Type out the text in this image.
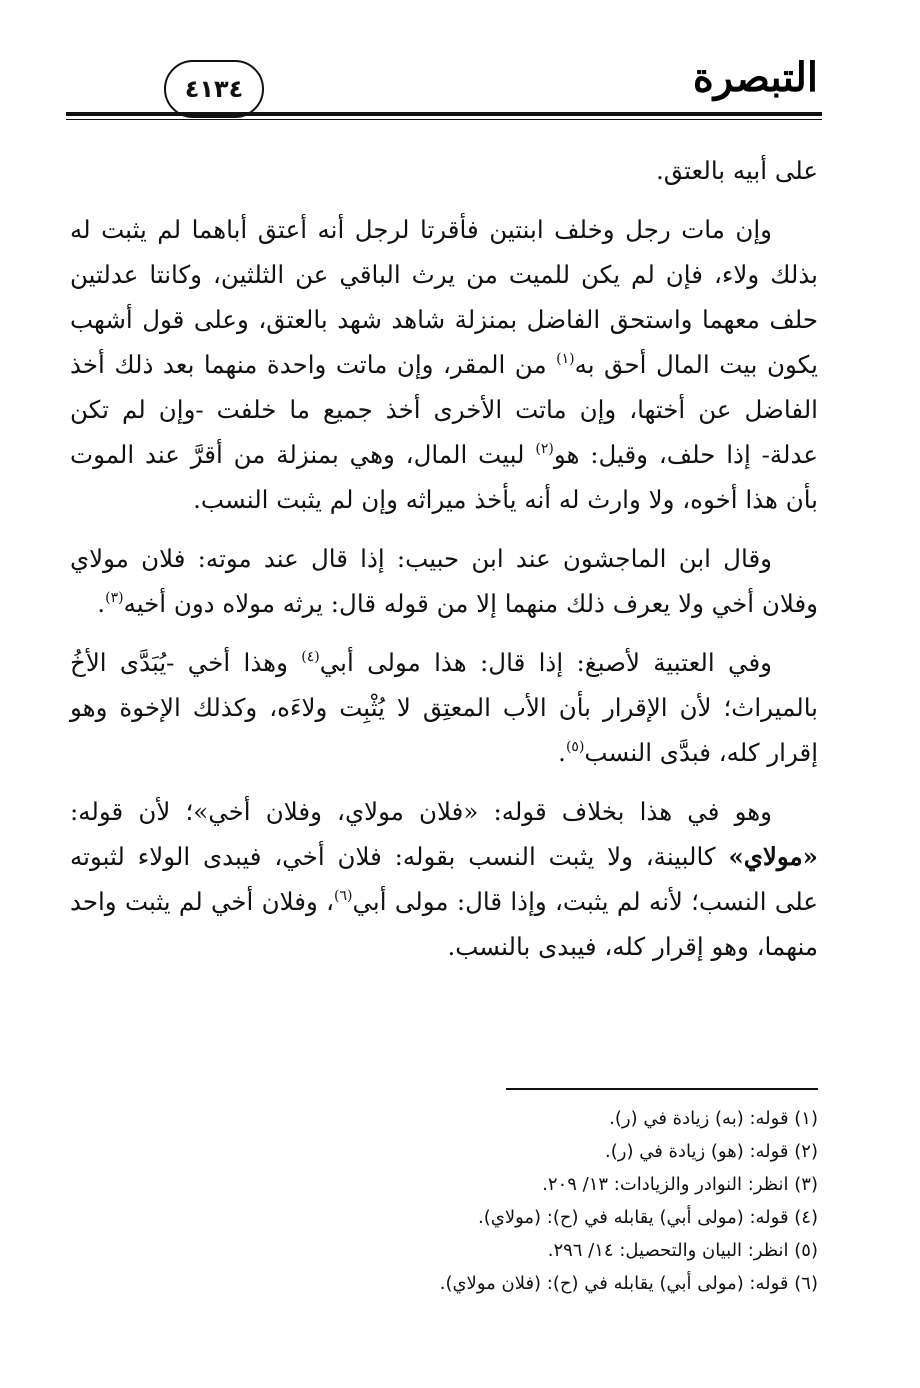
التبصرة
٤١٣٤

على أبيه بالعتق.

وإن مات رجل وخلف ابنتين فأقرتا لرجل أنه أعتق أباهما لم يثبت له بذلك ولاء، فإن لم يكن للميت من يرث الباقي عن الثلثين، وكانتا عدلتين حلف معهما واستحق الفاضل بمنزلة شاهد شهد بالعتق، وعلى قول أشهب يكون بيت المال أحق به$^{(١)}$ من المقر، وإن ماتت واحدة منهما بعد ذلك أخذ الفاضل عن أختها، وإن ماتت الأخرى أخذ جميع ما خلفت -وإن لم تكن عدلة- إذا حلف، وقيل: هو$^{(٢)}$ لبيت المال، وهي بمنزلة من أقرَّ عند الموت بأن هذا أخوه، ولا وارث له أنه يأخذ ميراثه وإن لم يثبت النسب.

وقال ابن الماجشون عند ابن حبيب: إذا قال عند موته: فلان مولاي وفلان أخي ولا يعرف ذلك منهما إلا من قوله قال: يرثه مولاه دون أخيه$^{(٣)}$.

وفي العتبية لأصبغ: إذا قال: هذا مولى أبي$^{(٤)}$ وهذا أخي -يُبَدَّى الأخُ بالميراث؛ لأن الإقرار بأن الأب المعتِق لا يُثْبِت ولاءَه، وكذلك الإخوة وهو إقرار كله، فبدَّى النسب$^{(٥)}$.

وهو في هذا بخلاف قوله: «فلان مولاي، وفلان أخي»؛ لأن قوله: «مولاي» كالبينة، ولا يثبت النسب بقوله: فلان أخي، فيبدى الولاء لثبوته على النسب؛ لأنه لم يثبت، وإذا قال: مولى أبي$^{(٦)}$، وفلان أخي لم يثبت واحد منهما، وهو إقرار كله، فيبدى بالنسب.

(١) قوله: (به) زيادة في (ر).
(٢) قوله: (هو) زيادة في (ر).
(٣) انظر: النوادر والزيادات: ١٣/ ٢٠٩.
(٤) قوله: (مولى أبي) يقابله في (ح): (مولاي).
(٥) انظر: البيان والتحصيل: ١٤/ ٢٩٦.
(٦) قوله: (مولى أبي) يقابله في (ح): (فلان مولاي).
